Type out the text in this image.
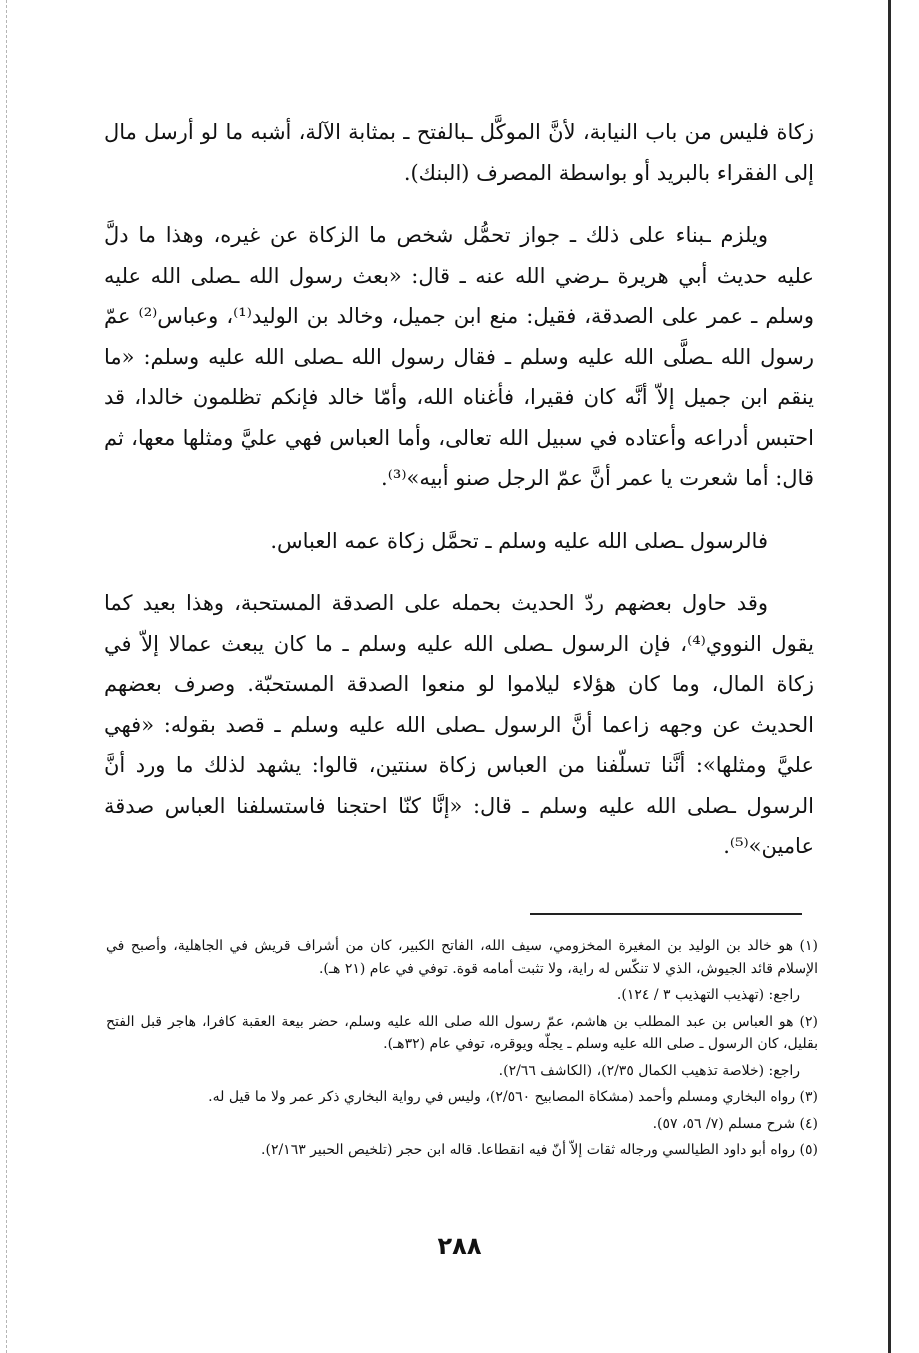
زكاة فليس من باب النيابة، لأنَّ الموكَّل ـبالفتح ـ بمثابة الآلة، أشبه ما لو أرسل مال إلى الفقراء بالبريد أو بواسطة المصرف (البنك).

ويلزم ـبناء على ذلك ـ جواز تحمُّل شخص ما الزكاة عن غيره، وهذا ما دلَّ عليه حديث أبي هريرة ـرضي الله عنه ـ قال: «بعث رسول الله ـصلى الله عليه وسلم ـ عمر على الصدقة، فقيل: منع ابن جميل، وخالد بن الوليد⁽¹⁾، وعباس⁽²⁾ عمّ رسول الله ـصلَّى الله عليه وسلم ـ فقال رسول الله ـصلى الله عليه وسلم: «ما ينقم ابن جميل إلاّ أنَّه كان فقيرا، فأغناه الله، وأمّا خالد فإنكم تظلمون خالدا، قد احتبس أدراعه وأعتاده في سبيل الله تعالى، وأما العباس فهي عليَّ ومثلها معها، ثم قال: أما شعرت يا عمر أنَّ عمّ الرجل صنو أبيه»⁽³⁾.

فالرسول ـصلى الله عليه وسلم ـ تحمَّل زكاة عمه العباس.

وقد حاول بعضهم ردّ الحديث بحمله على الصدقة المستحبة، وهذا بعيد كما يقول النووي⁽⁴⁾، فإن الرسول ـصلى الله عليه وسلم ـ ما كان يبعث عمالا إلاّ في زكاة المال، وما كان هؤلاء ليلاموا لو منعوا الصدقة المستحبّة. وصرف بعضهم الحديث عن وجهه زاعما أنَّ الرسول ـصلى الله عليه وسلم ـ قصد بقوله: «فهي عليَّ ومثلها»: أنَّنا تسلّفنا من العباس زكاة سنتين، قالوا: يشهد لذلك ما ورد أنَّ الرسول ـصلى الله عليه وسلم ـ قال: «إنَّا كنّا احتجنا فاستسلفنا العباس صدقة عامين»⁽⁵⁾.

(١) هو خالد بن الوليد بن المغيرة المخزومي، سيف الله، الفاتح الكبير، كان من أشراف قريش في الجاهلية، وأصبح في الإسلام قائد الجيوش، الذي لا تنكّس له راية، ولا تثبت أمامه قوة. توفي في عام (٢١ هـ).

راجع: (تهذيب التهذيب ٣ / ١٢٤).

(٢) هو العباس بن عبد المطلب بن هاشم، عمّ رسول الله صلى الله عليه وسلم، حضر بيعة العقبة كافرا، هاجر قبل الفتح بقليل، كان الرسول ـ صلى الله عليه وسلم ـ يجلّه ويوقره، توفي عام (٣٢هـ).

راجع: (خلاصة تذهيب الكمال ٢/٣٥)، (الكاشف ٢/٦٦).

(٣) رواه البخاري ومسلم وأحمد (مشكاة المصابيح ٢/٥٦٠)، وليس في رواية البخاري ذكر عمر ولا ما قيل له.

(٤) شرح مسلم (٧/ ٥٦، ٥٧).

(٥) رواه أبو داود الطيالسي ورجاله ثقات إلاّ أنّ فيه انقطاعا. قاله ابن حجر (تلخيص الحبير ٢/١٦٣).

٢٨٨
